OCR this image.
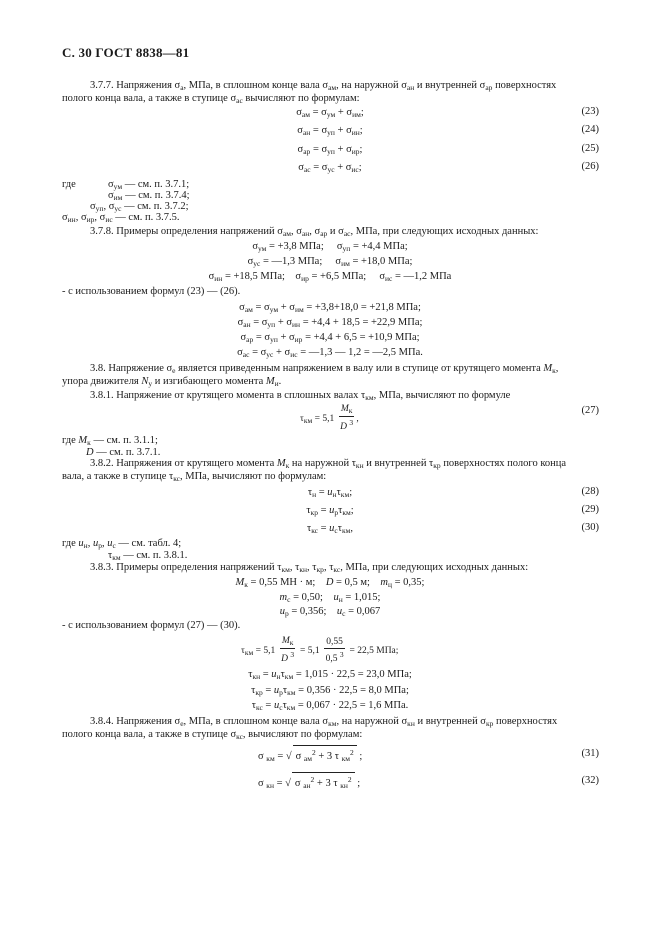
С. 30 ГОСТ 8838—81
3.7.7. Напряжения $\sigma_а$, МПа, в сплошном конце вала $\sigma_{ам}$, на наружной $\sigma_{ан}$ и внутренней $\sigma_{ар}$ поверхностях
полого конца вала, а также в ступице $\sigma_{ас}$ вычисляют по формулам:
$\sigma_{ам} = \sigma_{ум} + \sigma_{им}$;	(23)
$\sigma_{ан} = \sigma_{уп} + \sigma_{ин}$;	(24)
$\sigma_{ар} = \sigma_{уп} + \sigma_{ир}$;	(25)
$\sigma_{ас} = \sigma_{ус} + \sigma_{ис}$;	(26)
где	$\sigma_{ум}$ — см. п. 3.7.1;
$\sigma_{им}$ — см. п. 3.7.4;
$\sigma_{уп}$, $\sigma_{ус}$ — см. п. 3.7.2;
$\sigma_{ин}$, $\sigma_{ир}$, $\sigma_{ис}$ — см. п. 3.7.5.
3.7.8. Примеры определения напряжений $\sigma_{ам}$, $\sigma_{ан}$, $\sigma_{ар}$ и $\sigma_{ас}$, МПа, при следующих исходных данных:
$\sigma_{ум} = +3,8$ МПа;     $\sigma_{уп} = +4,4$ МПа;
$\sigma_{ус}$ = —1,3 МПа;     $\sigma_{им} = +18,0$ МПа;
$\sigma_{ин} = +18,5$ МПа;    $\sigma_{ир} = +6,5$ МПа;     $\sigma_{ис}$ = —1,2 МПа
- с использованием формул (23) — (26).
$\sigma_{ам} = \sigma_{ум} + \sigma_{им} = +3,8+18,0 = +21,8$ МПа;
$\sigma_{ан} = \sigma_{уп} + \sigma_{ин} = +4,4 + 18,5 = +22,9$ МПа;
$\sigma_{ар} = \sigma_{уп} + \sigma_{ир} = +4,4 + 6,5 = +10,9$ МПа;
$\sigma_{ас} = \sigma_{ус} + \sigma_{ис}$ = —1,3 — 1,2 = —2,5 МПа.
3.8. Напряжение $\sigma_е$ является приведенным напряжением в валу или в ступице от крутящего момента $M_к$,
упора движителя $N_у$ и изгибающего момента $M_и$.
3.8.1. Напряжение от крутящего момента в сплошных валах $\tau_{км}$, МПа, вычисляют по формуле
$\tau_{км} = 5,1 \frac{M_к}{D ^3}$ ,
(27)
где $M_к$ — см. п. 3.1.1;
D — см. п. 3.7.1.
3.8.2. Напряжения от крутящего момента $M_к$ на наружной $\tau_{кн}$ и внутренней $\tau_{кр}$ поверхностях полого конца
вала, а также в ступице $\tau_{кс}$, МПа, вычисляют по формулам:
$\tau_н = u_н\tau_{км}$;	(28)
$\tau_{кр} = u_р\tau_{км}$;	(29)
$\tau_{кс} = u_с\tau_{км}$,	(30)
где $u_н$, $u_р$, $u_с$ — см. табл. 4;
$\tau_{км}$ — см. п. 3.8.1.
3.8.3. Примеры определения напряжений $\tau_{км}$, $\tau_{кн}$, $\tau_{кр}$, $\tau_{кс}$, МПа, при следующих исходных данных:
$M_к = 0,55$ МН · м; D = 0,5 м; $m_ц = 0,35$;
$m_с = 0,50$; $u_н = 1,015$;
$u_р = 0,356$; $u_с = 0,067$
- с использованием формул (27) — (30).
$\tau_{км} = 5,1 \frac{M_к}{D ^3} = 5,1 \frac{0,55}{0,5 ^3} = 22,5$ МПа;
$\tau_{кн} = u_н\tau_{км} = 1,015 \cdot 22,5 = 23,0$ МПа;
$\tau_{кр} = u_р\tau_{км} = 0,356 \cdot 22,5 = 8,0$ МПа;
$\tau_{кс} = u_с\tau_{км} = 0,067 \cdot 22,5 = 1,6$ МПа.
3.8.4. Напряжения $\sigma_е$, МПа, в сплошном конце вала $\sigma_{км}$, на наружной $\sigma_{кн}$ и внутренней $\sigma_{кр}$ поверхностях
полого конца вала, а также в ступице $\sigma_{кс}$, вычисляют по формулам:
σ $_{км}$ = √ σ $_{ам}^2$ + 3 τ $_{км}^2$ ;	(31)
σ $_{кн}$ = √ σ $_{ан}^2$ + 3 τ $_{кн}^2$ ;	(32)
